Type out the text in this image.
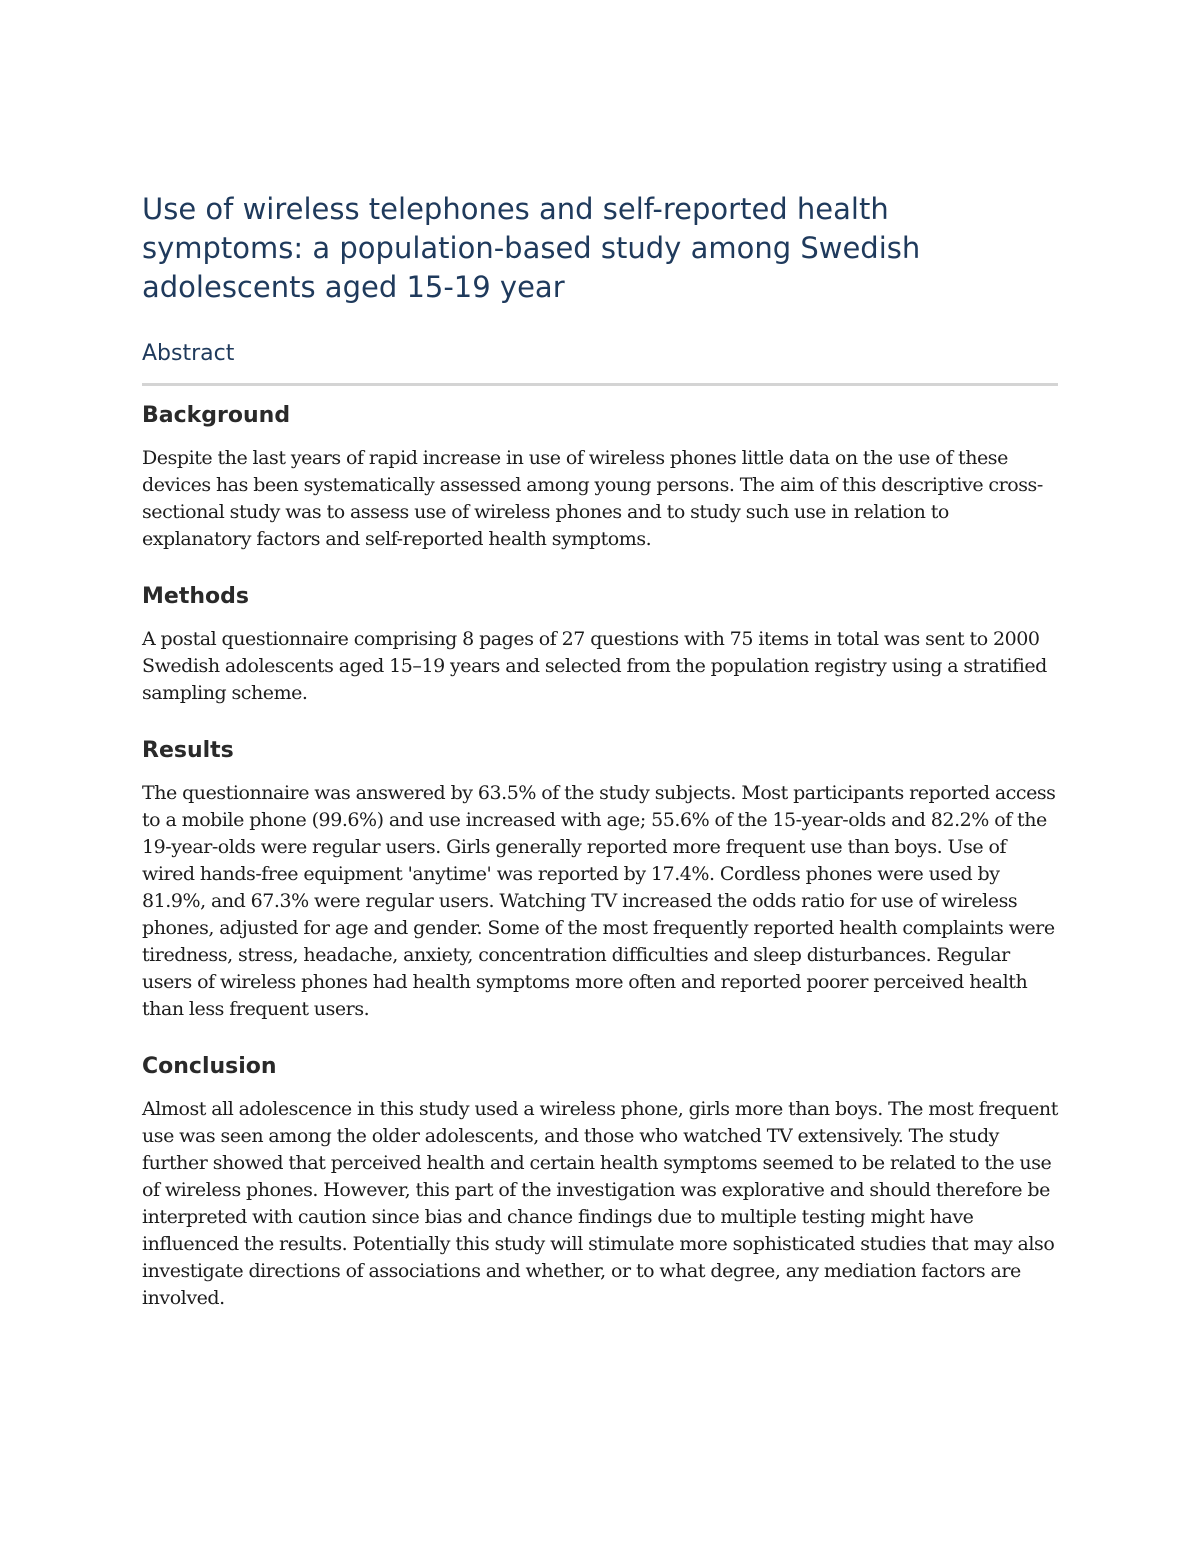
Use of wireless telephones and self-reported health symptoms: a population-based study among Swedish adolescents aged 15-19 year
Abstract
Background

Despite the last years of rapid increase in use of wireless phones little data on the use of these devices has been systematically assessed among young persons. The aim of this descriptive cross-sectional study was to assess use of wireless phones and to study such use in relation to explanatory factors and self-reported health symptoms.

Methods

A postal questionnaire comprising 8 pages of 27 questions with 75 items in total was sent to 2000 Swedish adolescents aged 15–19 years and selected from the population registry using a stratified sampling scheme.

Results

The questionnaire was answered by 63.5% of the study subjects. Most participants reported access to a mobile phone (99.6%) and use increased with age; 55.6% of the 15-year-olds and 82.2% of the 19-year-olds were regular users. Girls generally reported more frequent use than boys. Use of wired hands-free equipment 'anytime' was reported by 17.4%. Cordless phones were used by 81.9%, and 67.3% were regular users. Watching TV increased the odds ratio for use of wireless phones, adjusted for age and gender. Some of the most frequently reported health complaints were tiredness, stress, headache, anxiety, concentration difficulties and sleep disturbances. Regular users of wireless phones had health symptoms more often and reported poorer perceived health than less frequent users.

Conclusion

Almost all adolescence in this study used a wireless phone, girls more than boys. The most frequent use was seen among the older adolescents, and those who watched TV extensively. The study further showed that perceived health and certain health symptoms seemed to be related to the use of wireless phones. However, this part of the investigation was explorative and should therefore be interpreted with caution since bias and chance findings due to multiple testing might have influenced the results. Potentially this study will stimulate more sophisticated studies that may also investigate directions of associations and whether, or to what degree, any mediation factors are involved.
